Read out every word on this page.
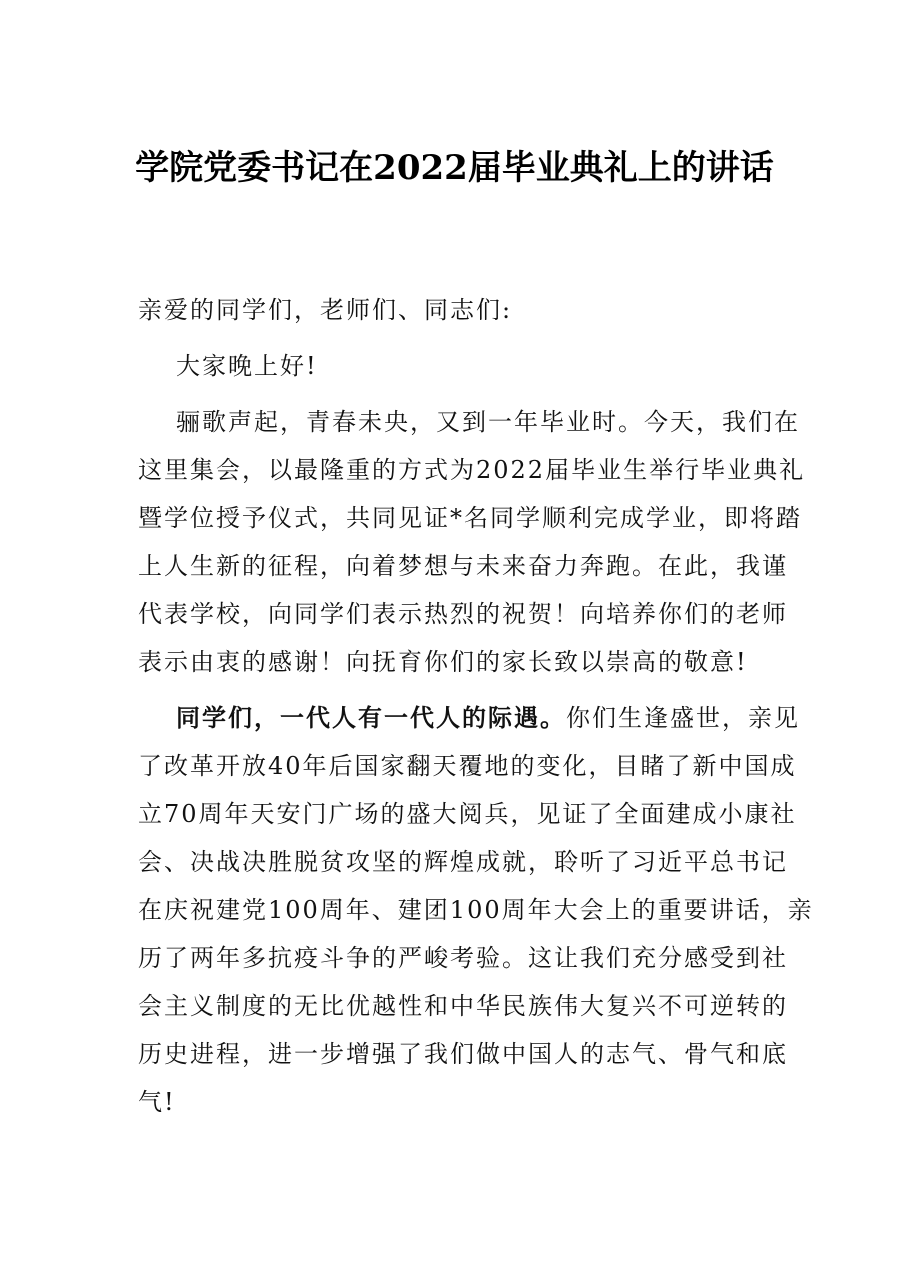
学院党委书记在2022届毕业典礼上的讲话
亲爱的同学们，老师们、同志们:
大家晚上好!
骊歌声起，青春未央，又到一年毕业时。今天，我们在
这里集会，以最隆重的方式为2022届毕业生举行毕业典礼
暨学位授予仪式，共同见证*名同学顺利完成学业，即将踏
上人生新的征程，向着梦想与未来奋力奔跑。在此，我谨
代表学校，向同学们表示热烈的祝贺！向培养你们的老师
表示由衷的感谢！向抚育你们的家长致以崇高的敬意!
同学们，一代人有一代人的际遇。你们生逢盛世，亲见
了改革开放40年后国家翻天覆地的变化，目睹了新中国成
立70周年天安门广场的盛大阅兵，见证了全面建成小康社
会、决战决胜脱贫攻坚的辉煌成就，聆听了习近平总书记
在庆祝建党100周年、建团100周年大会上的重要讲话，亲
历了两年多抗疫斗争的严峻考验。这让我们充分感受到社
会主义制度的无比优越性和中华民族伟大复兴不可逆转的
历史进程，进一步增强了我们做中国人的志气、骨气和底
气!
